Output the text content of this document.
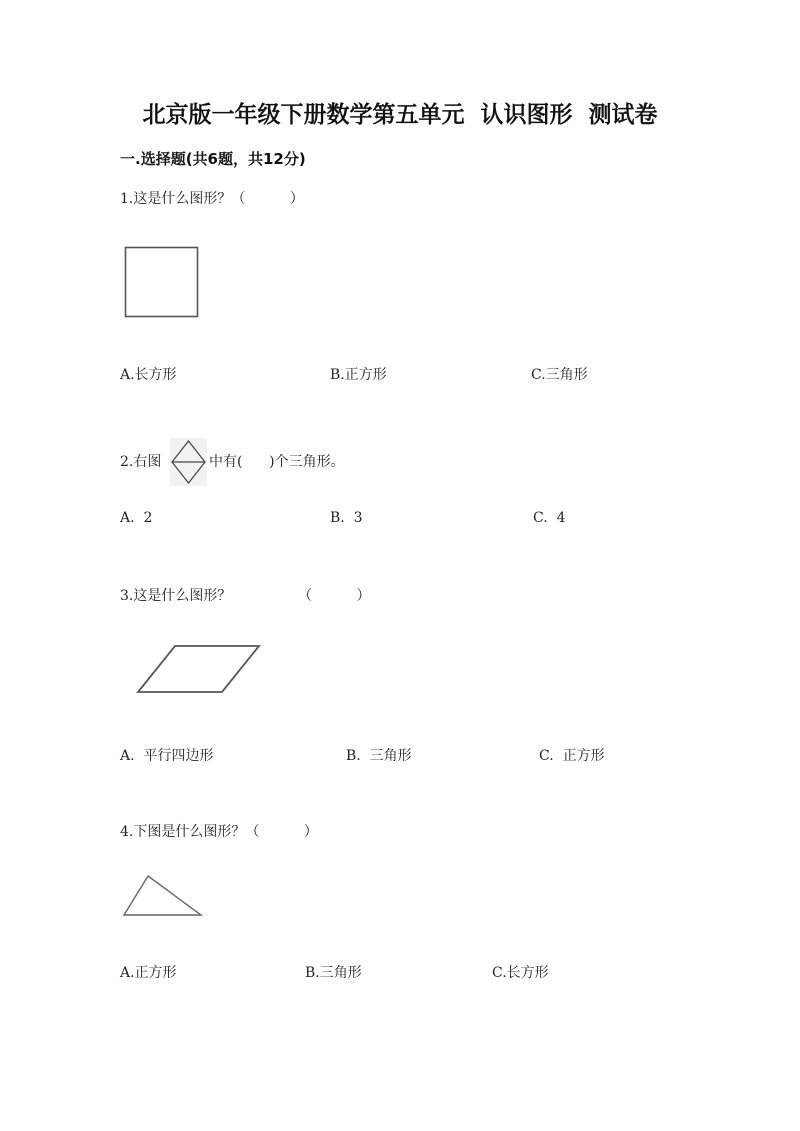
北京版一年级下册数学第五单元  认识图形  测试卷
一.选择题(共6题，共12分)
1.这是什么图形？（          ）
A.长方形	B.正方形	C.三角形
2.右图	中有(      )个三角形。
A.  2	B.  3	C.  4
3.这是什么图形？	（          ）
A.  平行四边形	B.  三角形	C.  正方形
4.下图是什么图形？（          ）
A.正方形	B.三角形	C.长方形
